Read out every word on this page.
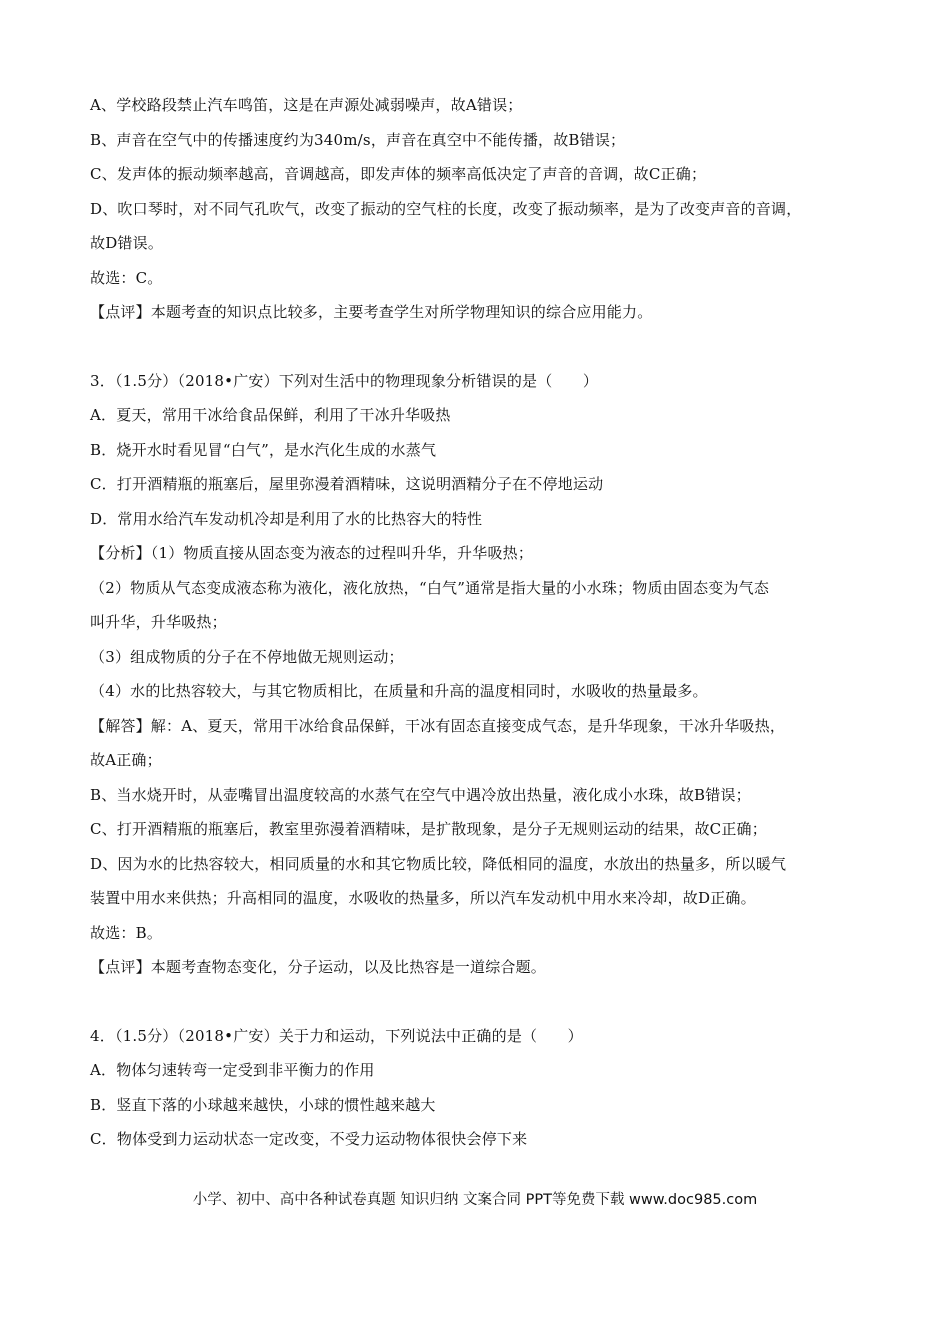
A、学校路段禁止汽车鸣笛，这是在声源处减弱噪声，故A错误；
B、声音在空气中的传播速度约为340m/s，声音在真空中不能传播，故B错误；
C、发声体的振动频率越高，音调越高，即发声体的频率高低决定了声音的音调，故C正确；
D、吹口琴时，对不同气孔吹气，改变了振动的空气柱的长度，改变了振动频率，是为了改变声音的音调，
故D错误。
故选：C。
【点评】本题考查的知识点比较多，主要考查学生对所学物理知识的综合应用能力。
3．（1.5分）（2018•广安）下列对生活中的物理现象分析错误的是（　　）
A．夏天，常用干冰给食品保鲜，利用了干冰升华吸热
B．烧开水时看见冒“白气”，是水汽化生成的水蒸气
C．打开酒精瓶的瓶塞后，屋里弥漫着酒精味，这说明酒精分子在不停地运动
D．常用水给汽车发动机冷却是利用了水的比热容大的特性
【分析】（1）物质直接从固态变为液态的过程叫升华，升华吸热；
（2）物质从气态变成液态称为液化，液化放热，“白气”通常是指大量的小水珠；物质由固态变为气态
叫升华，升华吸热；
（3）组成物质的分子在不停地做无规则运动；
（4）水的比热容较大，与其它物质相比，在质量和升高的温度相同时，水吸收的热量最多。
【解答】解：A、夏天，常用干冰给食品保鲜，干冰有固态直接变成气态，是升华现象，干冰升华吸热，
故A正确；
B、当水烧开时，从壶嘴冒出温度较高的水蒸气在空气中遇冷放出热量，液化成小水珠，故B错误；
C、打开酒精瓶的瓶塞后，教室里弥漫着酒精味，是扩散现象，是分子无规则运动的结果，故C正确；
D、因为水的比热容较大，相同质量的水和其它物质比较，降低相同的温度，水放出的热量多，所以暖气
装置中用水来供热；升高相同的温度，水吸收的热量多，所以汽车发动机中用水来冷却，故D正确。
故选：B。
【点评】本题考查物态变化，分子运动，以及比热容是一道综合题。
4．（1.5分）（2018•广安）关于力和运动，下列说法中正确的是（　　）
A．物体匀速转弯一定受到非平衡力的作用
B．竖直下落的小球越来越快，小球的惯性越来越大
C．物体受到力运动状态一定改变，不受力运动物体很快会停下来
小学、初中、高中各种试卷真题 知识归纳 文案合同 PPT等免费下载 www.doc985.com
